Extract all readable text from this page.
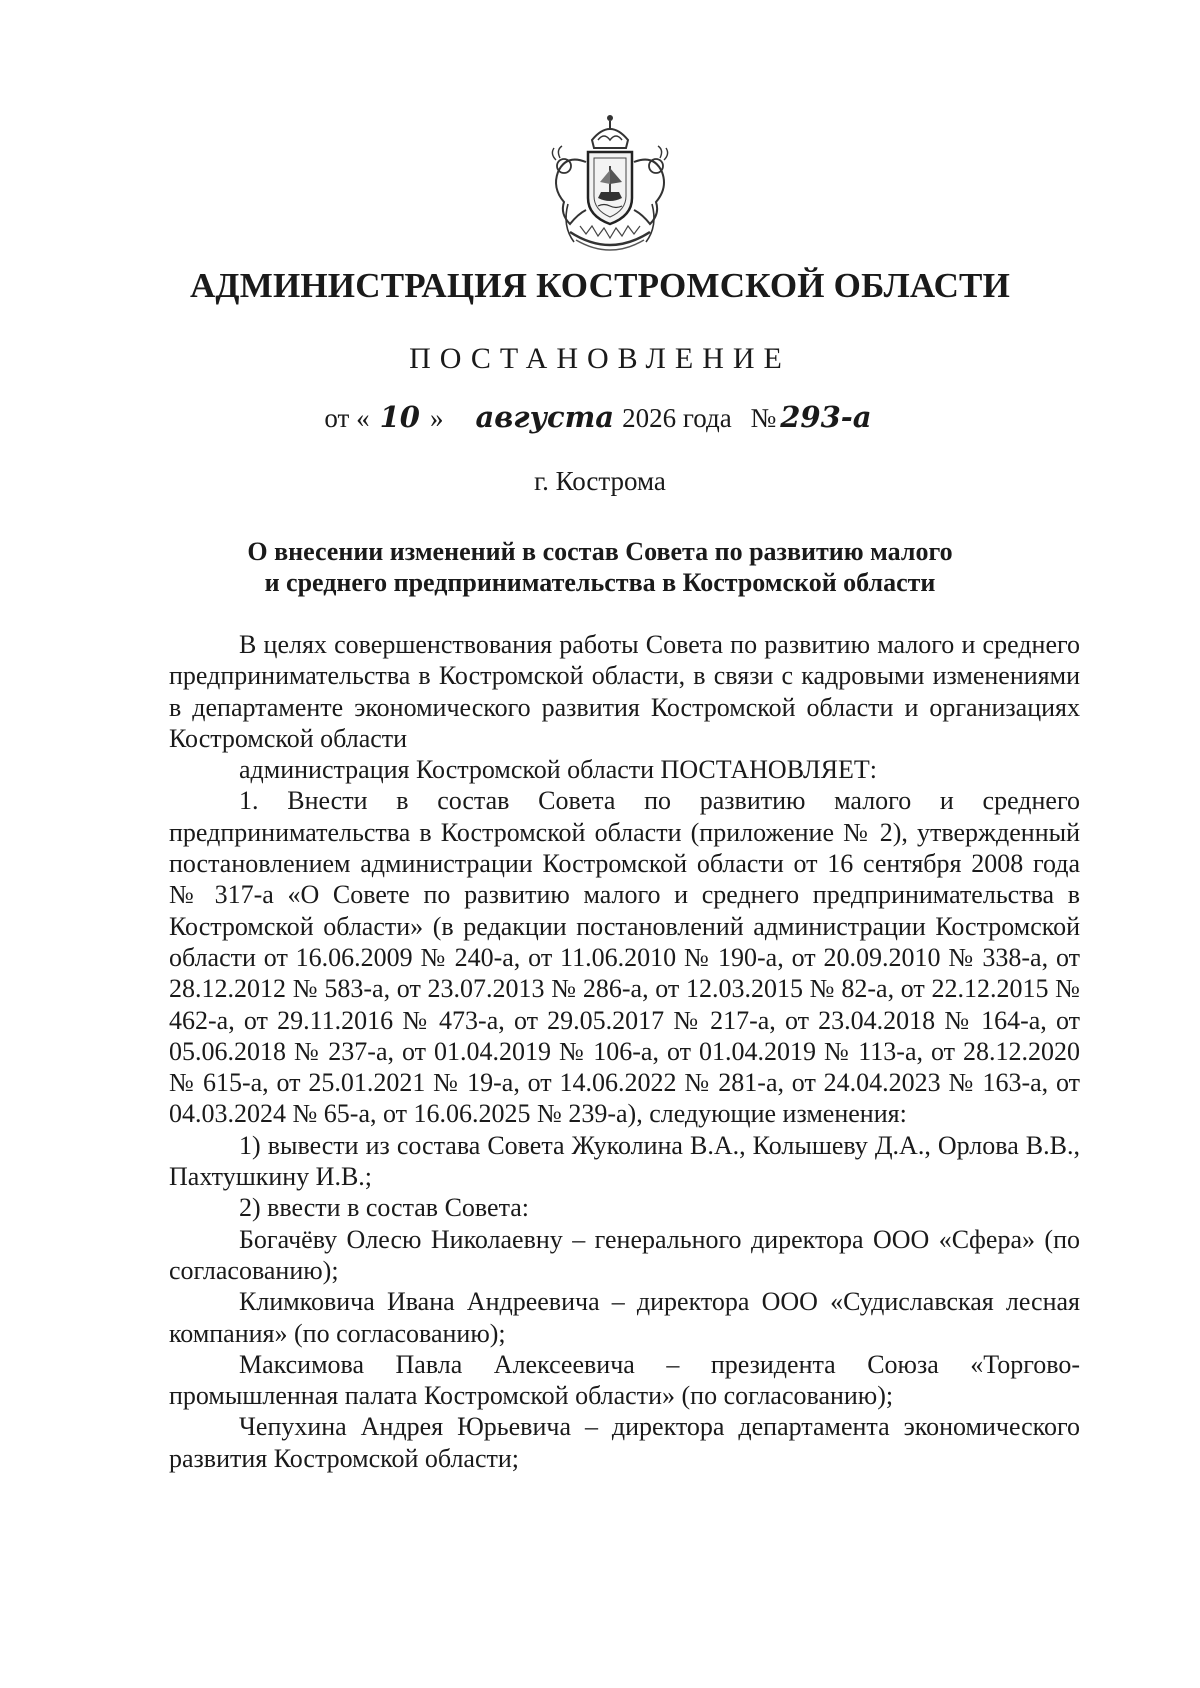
АДМИНИСТРАЦИЯ КОСТРОМСКОЙ ОБЛАСТИ
ПОСТАНОВЛЕНИЕ
от « 10 » августа 2026 года № 293-а
г. Кострома
О внесении изменений в состав Совета по развитию малого
и среднего предпринимательства в Костромской области

В целях совершенствования работы Совета по развитию малого и среднего предпринимательства в Костромской области, в связи с кадровыми изменениями в департаменте экономического развития Костромской области и организациях Костромской области

администрация Костромской области ПОСТАНОВЛЯЕТ:

1. Внести в состав Совета по развитию малого и среднего предпринимательства в Костромской области (приложение № 2), утвержденный постановлением администрации Костромской области от 16 сентября 2008 года № 317-а «О Совете по развитию малого и среднего предпринимательства в Костромской области» (в редакции постановлений администрации Костромской области от 16.06.2009 № 240-а, от 11.06.2010 № 190-а, от 20.09.2010 № 338-а, от 28.12.2012 № 583-а, от 23.07.2013 № 286-а, от 12.03.2015 № 82-а, от 22.12.2015 № 462-а, от 29.11.2016 № 473-а, от 29.05.2017 № 217-а, от 23.04.2018 № 164-а, от 05.06.2018 № 237-а, от 01.04.2019 № 106-а, от 01.04.2019 № 113-а, от 28.12.2020 № 615-а, от 25.01.2021 № 19-а, от 14.06.2022 № 281-а, от 24.04.2023 № 163-а, от 04.03.2024 № 65-а, от 16.06.2025 № 239-а), следующие изменения:

1) вывести из состава Совета Жуколина В.А., Колышеву Д.А., Орлова В.В., Пахтушкину И.В.;

2) ввести в состав Совета:

Богачёву Олесю Николаевну – генерального директора ООО «Сфера» (по согласованию);

Климковича Ивана Андреевича – директора ООО «Судиславская лесная компания» (по согласованию);

Максимова Павла Алексеевича – президента Союза «Торгово-промышленная палата Костромской области» (по согласованию);

Чепухина Андрея Юрьевича – директора департамента экономического развития Костромской области;
